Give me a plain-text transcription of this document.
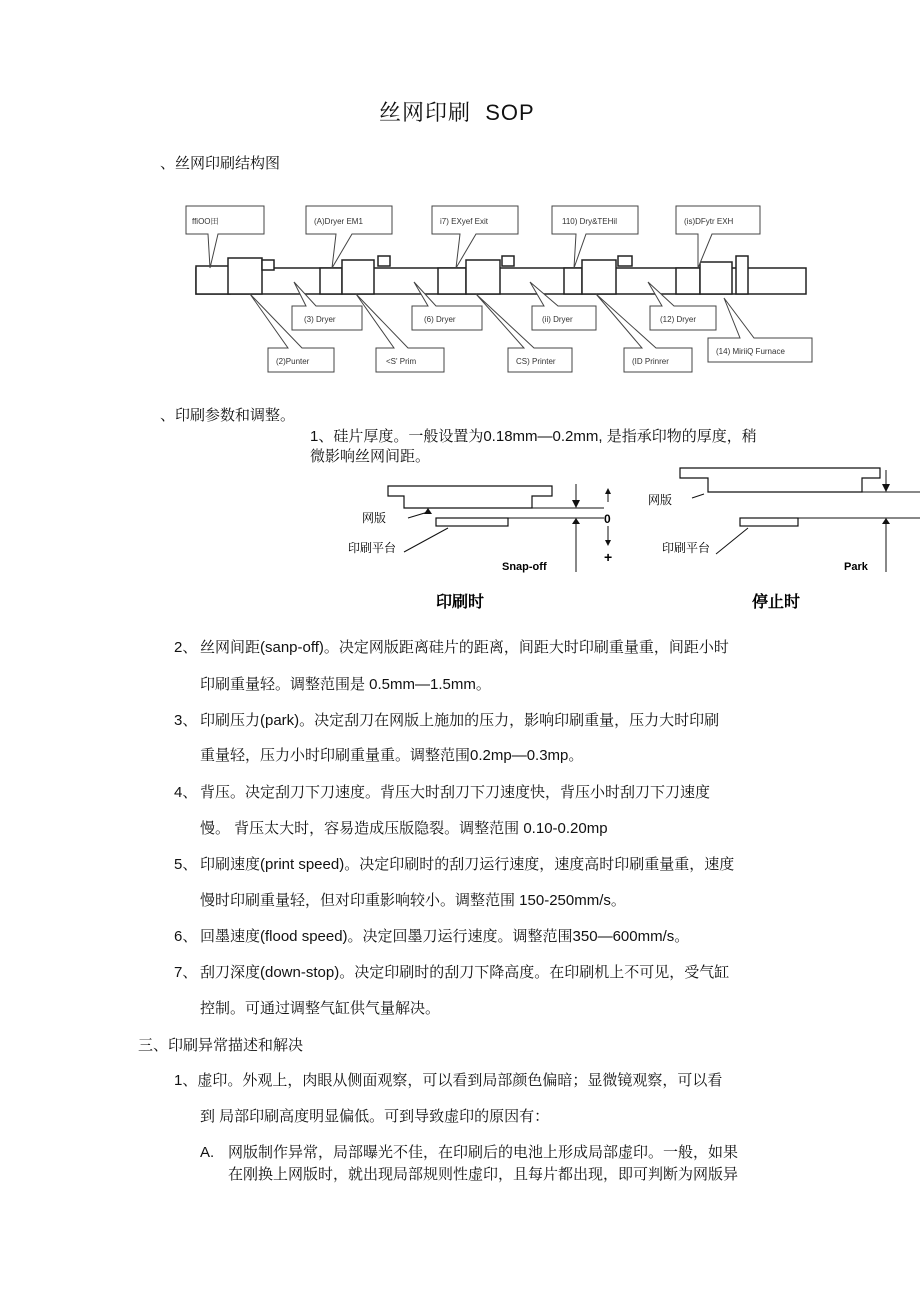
丝网印刷 SOP
、丝网印刷结构图
ffiOO田	(A)Dryer EM1	i7) EXyef Exit	110) Dry&TEHil	(is)DFytr EXH
(3) Dryer	(6) Dryer	(ii) Dryer	(12) Dryer
(2)Punter	<S' Prim	CS) Printer	(ID Prinrer
(14) MiriiQ Furnace
、印刷参数和调整。
1、硅片厚度。一般设置为0.18mm—0.2mm, 是指承印物的厚度，稍
微影响丝网间距。
0
+
网版
印刷平台
Snap-off
印刷时
网版
印刷平台
Park
停止时
2、 丝网间距(sanp-off)。决定网版距离硅片的距离，间距大时印刷重量重，间距小时
印刷重量轻。调整范围是 0.5mm—1.5mm。
3、 印刷压力(park)。决定刮刀在网版上施加的压力，影响印刷重量，压力大时印刷
重量轻，压力小时印刷重量重。调整范围0.2mp—0.3mp。
4、 背压。决定刮刀下刀速度。背压大时刮刀下刀速度快，背压小时刮刀下刀速度
慢。 背压太大时，容易造成压版隐裂。调整范围 0.10-0.20mp
5、 印刷速度(print speed)。决定印刷时的刮刀运行速度，速度高时印刷重量重，速度
慢时印刷重量轻，但对印重影响较小。调整范围 150-250mm/s。
6、 回墨速度(flood speed)。决定回墨刀运行速度。调整范围350—600mm/s。
7、 刮刀深度(down-stop)。决定印刷时的刮刀下降高度。在印刷机上不可见，受气缸
控制。可通过调整气缸供气量解决。
三、印刷异常描述和解决
1、虚印。外观上，肉眼从侧面观察，可以看到局部颜色偏暗；显微镜观察，可以看
到 局部印刷高度明显偏低。可到导致虚印的原因有：
A. 网版制作异常，局部曝光不佳，在印刷后的电池上形成局部虚印。一般，如果
在刚换上网版时，就出现局部规则性虚印，且每片都出现，即可判断为网版异
